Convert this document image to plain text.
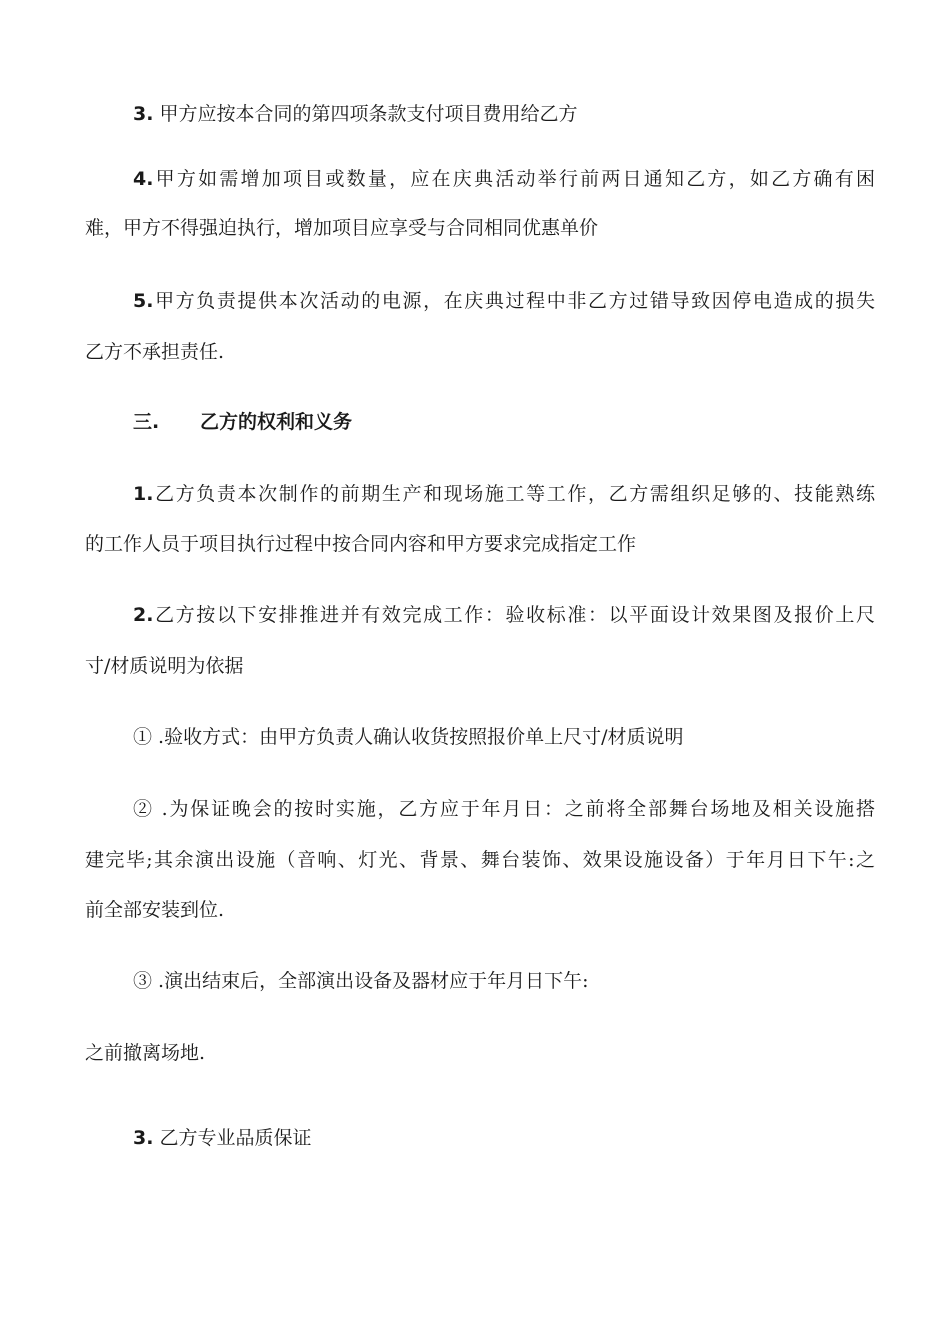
3. 甲方应按本合同的第四项条款支付项目费用给乙方
4.甲方如需增加项目或数量，应在庆典活动举行前两日通知乙方，如乙方确有困
难，甲方不得强迫执行，增加项目应享受与合同相同优惠单价
5.甲方负责提供本次活动的电源，在庆典过程中非乙方过错导致因停电造成的损失
乙方不承担责任.
三. 乙方的权利和义务
1.乙方负责本次制作的前期生产和现场施工等工作，乙方需组织足够的、技能熟练
的工作人员于项目执行过程中按合同内容和甲方要求完成指定工作
2.乙方按以下安排推进并有效完成工作：验收标准：以平面设计效果图及报价上尺
寸/材质说明为依据
① .验收方式：由甲方负责人确认收货按照报价单上尺寸/材质说明
② .为保证晚会的按时实施，乙方应于年月日：之前将全部舞台场地及相关设施搭
建完毕;其余演出设施（音响、灯光、背景、舞台装饰、效果设施设备）于年月日下午:之
前全部安装到位.
③ .演出结束后，全部演出设备及器材应于年月日下午:
之前撤离场地.
3. 乙方专业品质保证
